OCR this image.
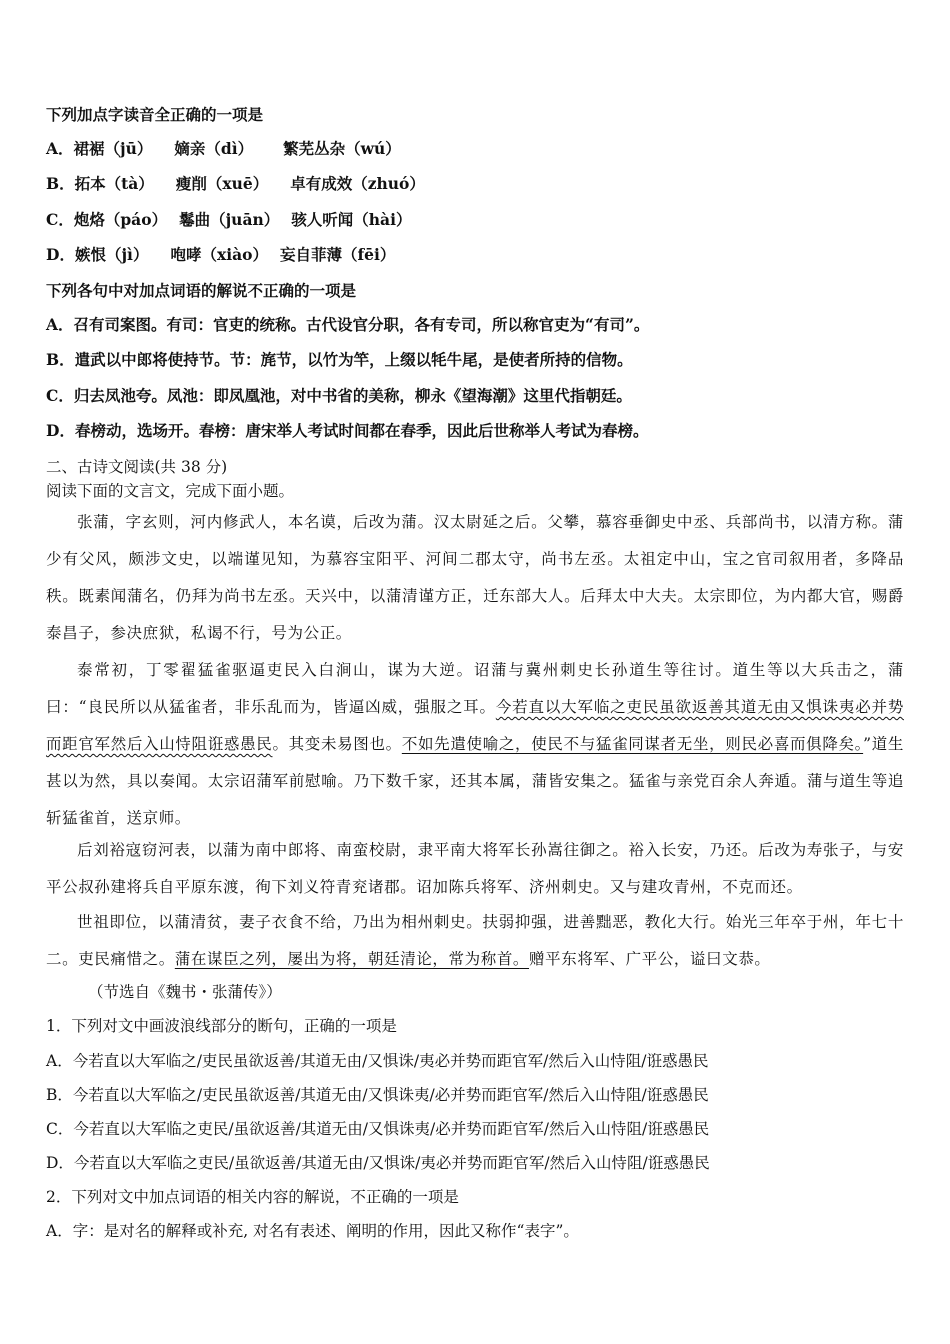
下列加点字读音全正确的一项是
A．裙裾（jū） 嫡亲（dì） 繁芜丛杂（wú）
B．拓本（tà） 瘦削（xuē） 卓有成效（zhuó）
C．炮烙（páo） 鬈曲（juān） 骇人听闻（hài）
D．嫉恨（jì） 咆哮（xiào） 妄自菲薄（fēi）
下列各句中对加点词语的解说不正确的一项是
A．召有司案图。有司：官吏的统称。古代设官分职，各有专司，所以称官吏为“有司”。
B．遣武以中郎将使持节。节：旄节，以竹为竿，上缀以牦牛尾，是使者所持的信物。
C．归去凤池夸。凤池：即凤凰池，对中书省的美称，柳永《望海潮》这里代指朝廷。
D．春榜动，选场开。春榜：唐宋举人考试时间都在春季，因此后世称举人考试为春榜。
二、古诗文阅读(共 38 分)
阅读下面的文言文，完成下面小题。
张蒲，字玄则，河内修武人，本名谟，后改为蒲。汉太尉延之后。父攀，慕容垂御史中丞、兵部尚书，以清方称。蒲少有父风，颇涉文史，以端谨见知，为慕容宝阳平、河间二郡太守，尚书左丞。太祖定中山，宝之官司叙用者，多降品秩。既素闻蒲名，仍拜为尚书左丞。天兴中，以蒲清谨方正，迁东部大人。后拜太中大夫。太宗即位，为内都大官，赐爵泰昌子，参决庶狱，私谒不行，号为公正。
泰常初，丁零翟猛雀驱逼吏民入白涧山，谋为大逆。诏蒲与冀州刺史长孙道生等往讨。道生等以大兵击之，蒲曰：“良民所以从猛雀者，非乐乱而为，皆逼凶威，强服之耳。今若直以大军临之吏民虽欲返善其道无由又惧诛夷必并势而距官军然后入山恃阻诳惑愚民。其变未易图也。不如先遣使喻之，使民不与猛雀同谋者无坐，则民必喜而俱降矣。”道生甚以为然，具以奏闻。太宗诏蒲军前慰喻。乃下数千家，还其本属，蒲皆安集之。猛雀与亲党百余人奔遁。蒲与道生等追斩猛雀首，送京师。
后刘裕寇窃河表，以蒲为南中郎将、南蛮校尉，隶平南大将军长孙嵩往御之。裕入长安，乃还。后改为寿张子，与安平公叔孙建将兵自平原东渡，徇下刘义符青兖诸郡。诏加陈兵将军、济州刺史。又与建攻青州，不克而还。
世祖即位，以蒲清贫，妻子衣食不给，乃出为相州刺史。扶弱抑强，进善黜恶，教化大行。始光三年卒于州，年七十二。吏民痛惜之。蒲在谋臣之列，屡出为将，朝廷清论，常为称首。赠平东将军、广平公，谥曰文恭。
（节选自《魏书・张蒲传》）
1．下列对文中画波浪线部分的断句，正确的一项是
A．今若直以大军临之/吏民虽欲返善/其道无由/又惧诛/夷必并势而距官军/然后入山恃阻/诳惑愚民
B．今若直以大军临之/吏民虽欲返善/其道无由/又惧诛夷/必并势而距官军/然后入山恃阻/诳惑愚民
C．今若直以大军临之吏民/虽欲返善/其道无由/又惧诛夷/必并势而距官军/然后入山恃阻/诳惑愚民
D．今若直以大军临之吏民/虽欲返善/其道无由/又惧诛/夷必并势而距官军/然后入山恃阻/诳惑愚民
2．下列对文中加点词语的相关内容的解说，不正确的一项是
A．字：是对名的解释或补充, 对名有表述、阐明的作用，因此又称作“表字”。
